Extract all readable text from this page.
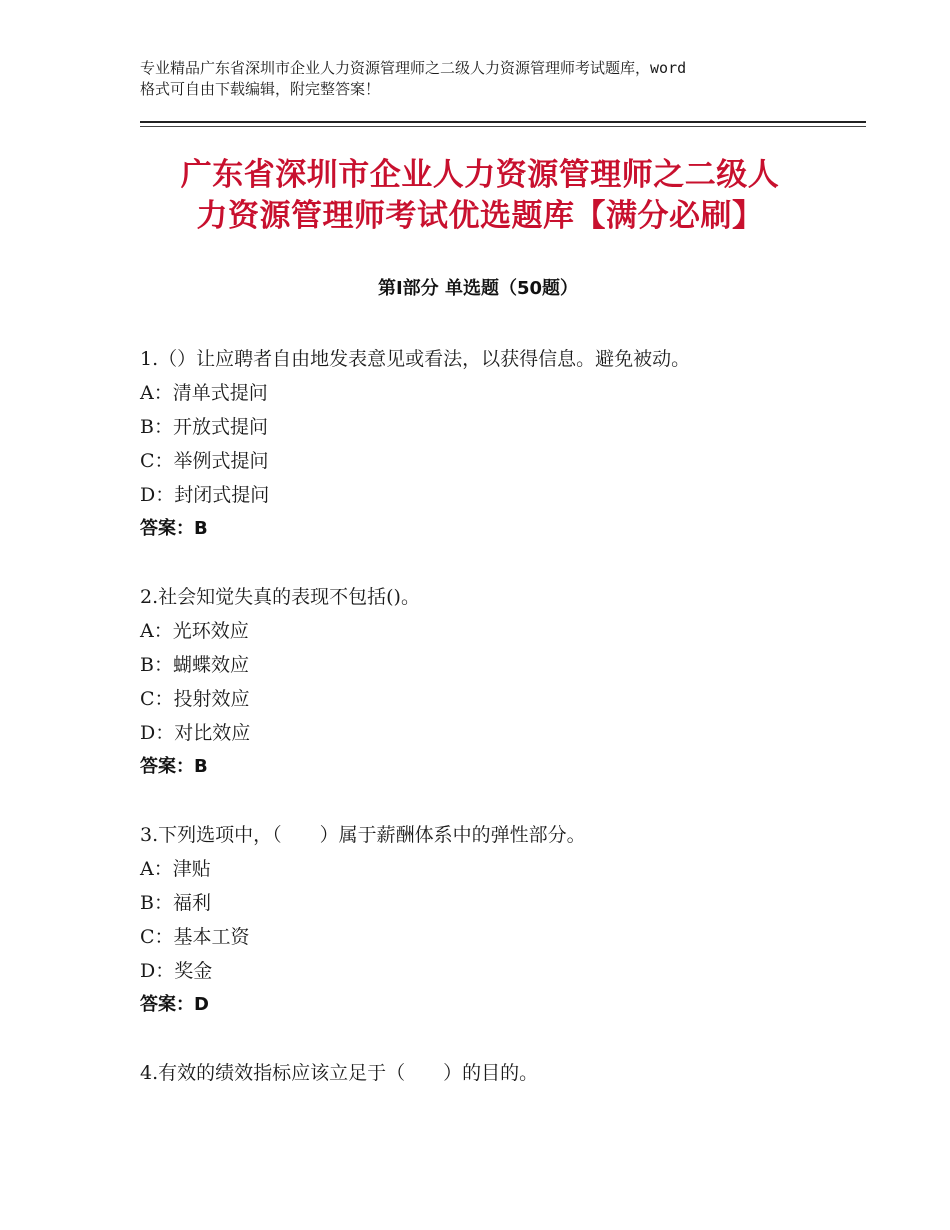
专业精品广东省深圳市企业人力资源管理师之二级人力资源管理师考试题库，word
格式可自由下载编辑，附完整答案！
广东省深圳市企业人力资源管理师之二级人
力资源管理师考试优选题库【满分必刷】
第Ⅰ部分 单选题（50题）
1.（）让应聘者自由地发表意见或看法，以获得信息。避免被动。
A：清单式提问
B：开放式提问
C：举例式提问
D：封闭式提问
答案：B
2.社会知觉失真的表现不包括()。
A：光环效应
B：蝴蝶效应
C：投射效应
D：对比效应
答案：B
3.下列选项中，（　　）属于薪酬体系中的弹性部分。
A：津贴
B：福利
C：基本工资
D：奖金
答案：D
4.有效的绩效指标应该立足于（　　）的目的。
